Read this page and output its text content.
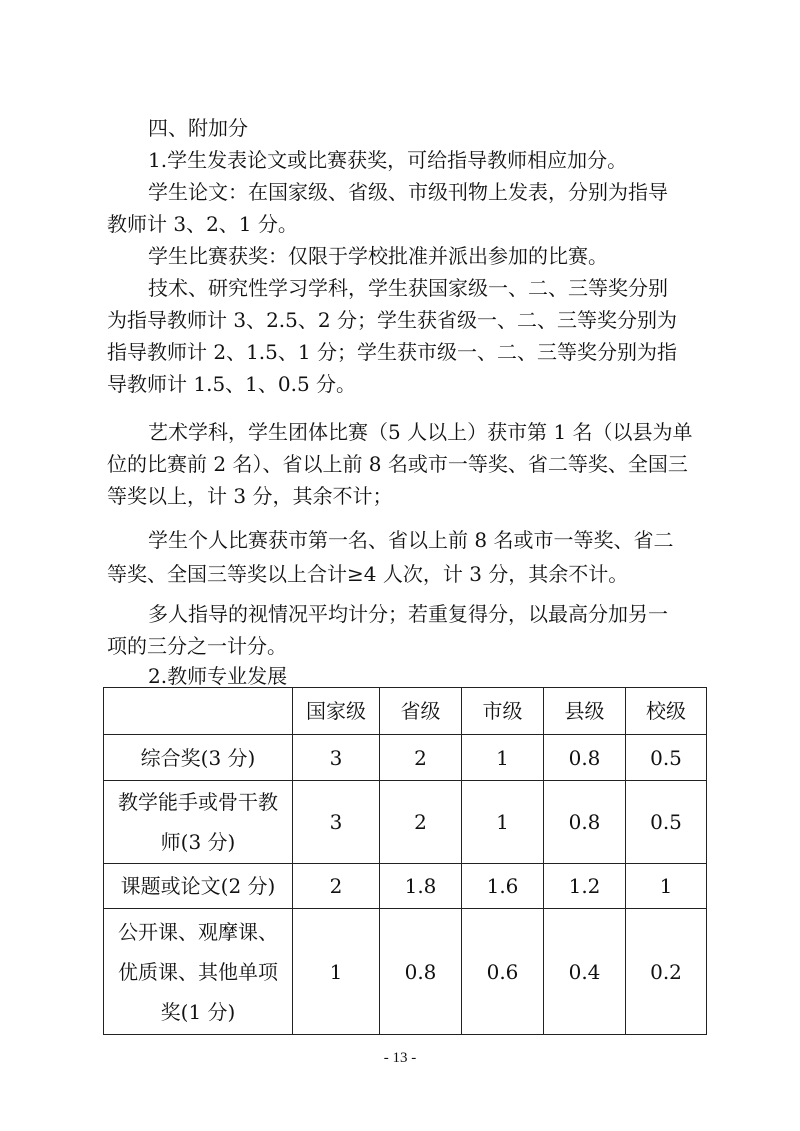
四、附加分
1.学生发表论文或比赛获奖，可给指导教师相应加分。
学生论文：在国家级、省级、市级刊物上发表，分别为指导
教师计 3、2、1 分。
学生比赛获奖：仅限于学校批准并派出参加的比赛。
技术、研究性学习学科，学生获国家级一、二、三等奖分别
为指导教师计 3、2.5、2 分；学生获省级一、二、三等奖分别为
指导教师计 2、1.5、1 分；学生获市级一、二、三等奖分别为指
导教师计 1.5、1、0.5 分。
艺术学科，学生团体比赛（5 人以上）获市第 1 名（以县为单
位的比赛前 2 名）、省以上前 8 名或市一等奖、省二等奖、全国三
等奖以上，计 3 分，其余不计；
学生个人比赛获市第一名、省以上前 8 名或市一等奖、省二
等奖、全国三等奖以上合计≥4 人次，计 3 分，其余不计。
多人指导的视情况平均计分；若重复得分，以最高分加另一
项的三分之一计分。
2.教师专业发展
	国家级	省级	市级	县级	校级
综合奖(3 分)	3	2	1	0.8	0.5

教学能手或骨干教
师(3 分)	3	2	1	0.8	0.5
课题或论文(2 分)	2	1.8	1.6	1.2	1

公开课、观摩课、
优质课、其他单项
奖(1 分)	1	0.8	0.6	0.4	0.2
- 13 -
